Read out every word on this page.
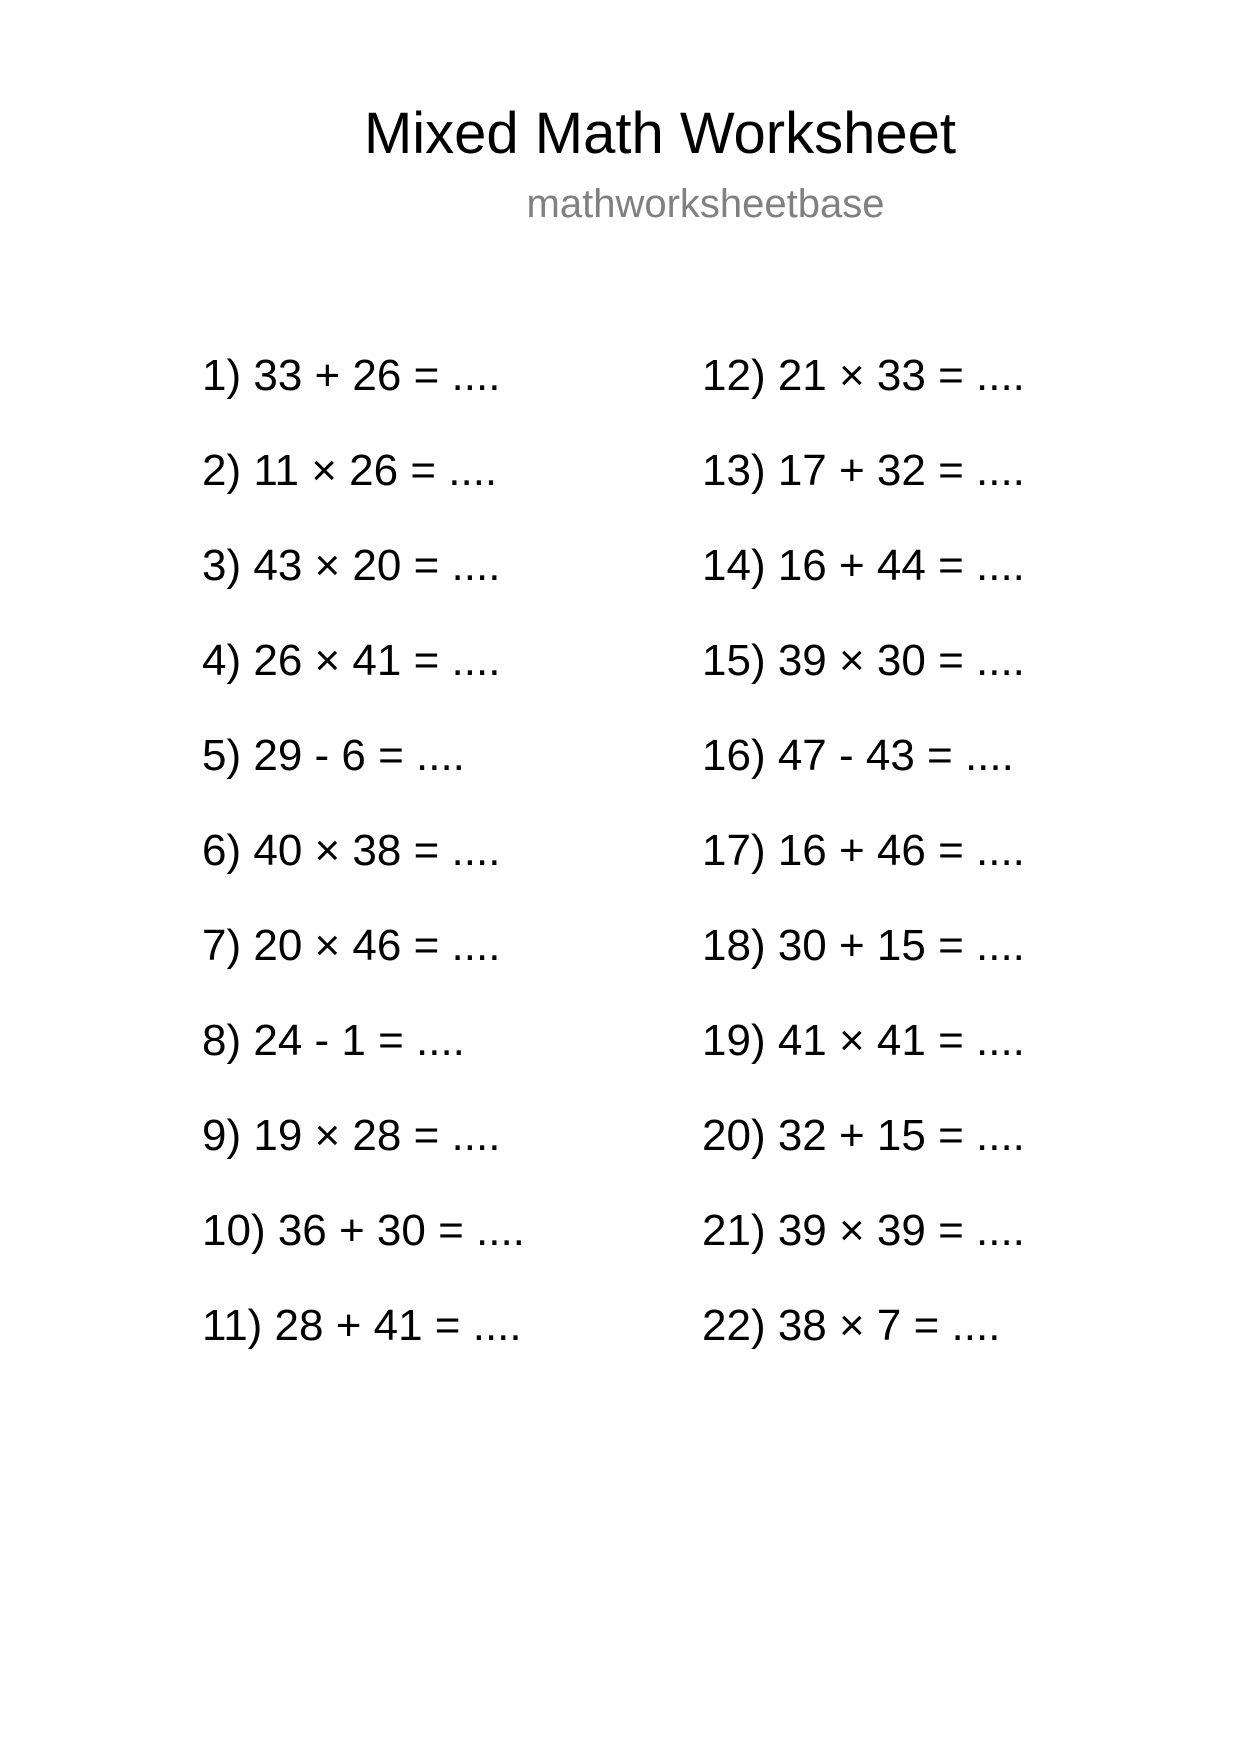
Mixed Math Worksheet
mathworksheetbase
1) 33 + 26 = ....
2) 11 × 26 = ....
3) 43 × 20 = ....
4) 26 × 41 = ....
5) 29 - 6 = ....
6) 40 × 38 = ....
7) 20 × 46 = ....
8) 24 - 1 = ....
9) 19 × 28 = ....
10) 36 + 30 = ....
11) 28 + 41 = ....
12) 21 × 33 = ....
13) 17 + 32 = ....
14) 16 + 44 = ....
15) 39 × 30 = ....
16) 47 - 43 = ....
17) 16 + 46 = ....
18) 30 + 15 = ....
19) 41 × 41 = ....
20) 32 + 15 = ....
21) 39 × 39 = ....
22) 38 × 7 = ....
